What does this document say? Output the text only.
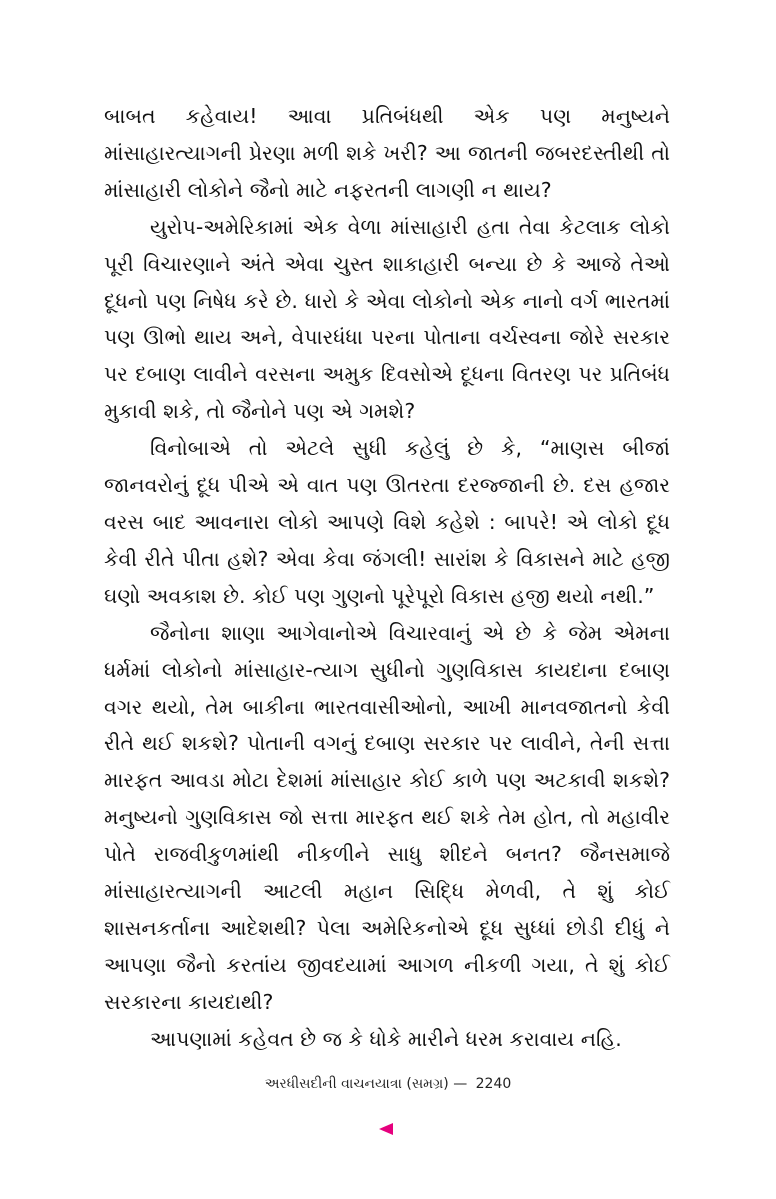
બાબત કહેવાય! આવા પ્રતિબંધથી એક પણ મનુષ્યને માંસાહારત્યાગની પ્રેરણા મળી શકે ખરી? આ જાતની જબરદસ્તીથી તો માંસાહારી લોકોને જૈનો માટે નફરતની લાગણી ન થાય?

યુરોપ-અમેરિકામાં એક વેળા માંસાહારી હતા તેવા કેટલાક લોકો પૂરી વિચારણાને અંતે એવા ચુસ્ત શાકાહારી બન્યા છે કે આજે તેઓ દૂધનો પણ નિષેધ કરે છે. ધારો કે એવા લોકોનો એક નાનો વર્ગ ભારતમાં પણ ઊભો થાય અને, વેપારધંધા પરના પોતાના વર્ચસ્વના જોરે સરકાર પર દબાણ લાવીને વરસના અમુક દિવસોએ દૂધના વિતરણ પર પ્રતિબંધ મુકાવી શકે, તો જૈનોને પણ એ ગમશે?

વિનોબાએ તો એટલે સુધી કહેલું છે કે, “માણસ બીજાં જાનવરોનું દૂધ પીએ એ વાત પણ ઊતરતા દરજ્જાની છે. દસ હજાર વરસ બાદ આવનારા લોકો આપણે વિશે કહેશે : બાપરે! એ લોકો દૂધ કેવી રીતે પીતા હશે? એવા કેવા જંગલી! સારાંશ કે વિકાસને માટે હજી ઘણો અવકાશ છે. કોઈ પણ ગુણનો પૂરેપૂરો વિકાસ હજી થયો નથી.”

જૈનોના શાણા આગેવાનોએ વિચારવાનું એ છે કે જેમ એમના ધર્મમાં લોકોનો માંસાહાર-ત્યાગ સુધીનો ગુણવિકાસ કાયદાના દબાણ વગર થયો, તેમ બાકીના ભારતવાસીઓનો, આખી માનવજાતનો કેવી રીતે થઈ શકશે? પોતાની વગનું દબાણ સરકાર પર લાવીને, તેની સત્તા મારફત આવડા મોટા દેશમાં માંસાહાર કોઈ કાળે પણ અટકાવી શકશે? મનુષ્યનો ગુણવિકાસ જો સત્તા મારફત થઈ શકે તેમ હોત, તો મહાવીર પોતે રાજવીકુળમાંથી નીકળીને સાધુ શીદને બનત? જૈનસમાજે માંસાહારત્યાગની આટલી મહાન સિદ્ધિ મેળવી, તે શું કોઈ શાસનકર્તાના આદેશથી? પેલા અમેરિકનોએ દૂધ સુધ્ધાં છોડી દીધું ને આપણા જૈનો કરતાંય જીવદયામાં આગળ નીકળી ગયા, તે શું કોઈ સરકારના કાયદાથી?

આપણામાં કહેવત છે જ કે ધોકે મારીને ધરમ કરાવાય નહિ.

અરધીસદીની વાચનયાત્રા (સમગ્ર) — 2240
